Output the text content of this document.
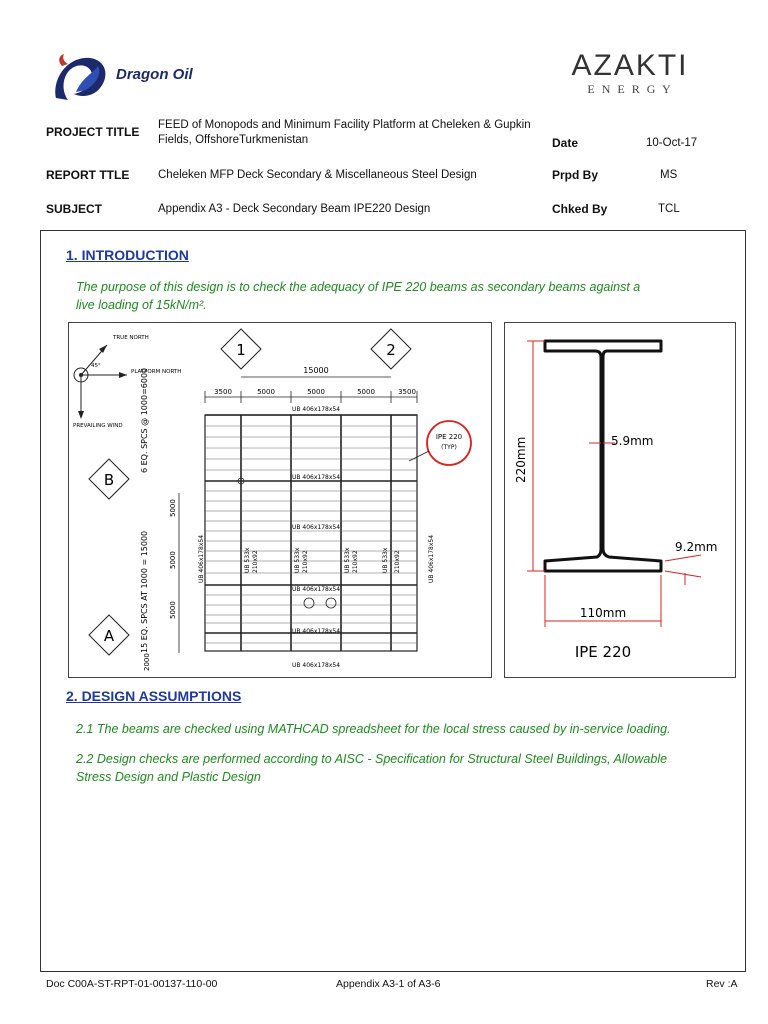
Dragon Oil	AZAKTI
E N E R G Y
PROJECT TITLE FEED of Monopods and Minimum Facility Platform at Cheleken & Gupkin Fields, OffshoreTurkmenistan	Date	10-Oct-17
REPORT TTLE Cheleken MFP Deck Secondary & Miscellaneous Steel Design	Prpd By	MS
SUBJECT	Appendix A3 - Deck Secondary Beam IPE220 Design	Chked By	TCL
1. INTRODUCTION
The purpose of this design is to check the adequacy of IPE 220 beams as secondary beams against a live loading of 15kN/m².
TRUE NORTH
45°
PLATFORM NORTH
PREVAILING WIND
1	2
B
A
15000
3500	5000	5000	5000	3500
UB 406x178x54
UB 406x178x54
UB 406x178x54
UB 406x178x54
UB 406x178x54
UB 406x178x54
UB 533x 210x92	UB 533x 210x92	UB 533x 210x92	UB 533x 210x92
UB 406x178x54	UB 406x178x54
6 EQ. SPCS @ 1000=6000
15 EQ. SPCS AT 1000 = 15000
5000
5000
5000
2000
IPE 220
(TYP)	220mm	5.9mm
9.2mm
110mm
IPE 220
2. DESIGN ASSUMPTIONS
2.1 The beams are checked using MATHCAD spreadsheet for the local stress caused by in-service loading.
2.2 Design checks are performed according to AISC - Specification for Structural Steel Buildings, Allowable Stress Design and Plastic Design
Doc C00A-ST-RPT-01-00137-110-00	Appendix A3-1 of A3-6	Rev :A
